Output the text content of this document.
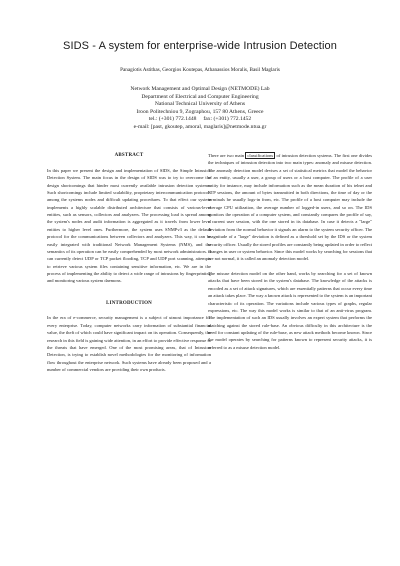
SIDS - A system for enterprise-wide Intrusion Detection
Panagiotis Astithas, Georgios Koutepas, Athanassios Moralis, Basil Maglaris
Network Management and Optimal Design (NETMODE) Lab
Department of Electrical and Computer Engineering
National Technical University of Athens
Iroon Politechniou 9, Zographou, 157 80 Athens, Greece
tel.: (+301) 772.1448     fax: (+301) 772.1452
e-mail: [past, gkoutep, amoral, maglaris]@netmode.ntua.gr
ABSTRACT

In this paper we present the design and implementation of SIDS, the Simple Intrusion Detection System. The main focus in the design of SIDS was to try to overcome the design shortcomings that hinder most currently available intrusion detection systems. Such shortcomings include limited scalability, proprietary intercommunication protocols among the systems nodes and difficult updating procedures. To that effect our system implements a highly scalable distributed architecture that consists of various-level entities, such as sensors, collectors and analyzers. The processing load is spread among the system's nodes and audit information is aggregated as it travels from lower level entities to higher level ones. Furthermore, the system uses SNMPv3 as the default protocol for the communications between collectors and analyzers. This way, it can be easily integrated with traditional Network Management Systems (NMS), and the semantics of its operation can be easily comprehended by most network administrators. It can currently detect UDP or TCP packet flooding, TCP and UDP port scanning, attempts to retrieve various system files containing sensitive information, etc. We are in the process of implementing the ability to detect a wide range of intrusions by fingerprinting and monitoring various system daemons.

I.INTRODUCTION

In the era of e-commerce, security management is a subject of utmost importance for every enterprise. Today, computer networks carry information of substantial financial value, the theft of which could have significant impact on its operation. Consequently, the research in this field is gaining wide attention, in an effort to provide effective response to the threats that have emerged. One of the most promising areas, that of Intrusion Detection, is trying to establish novel methodologies for the monitoring of information flow throughout the enterprise network. Such systems have already been proposed and a number of commercial vendors are providing their own products.

There are two main classifications of intrusion detection systems. The first one divides the techniques of intrusion detection into two main types: anomaly and misuse detection. The anomaly detection model devises a set of statistical metrics that model the behavior of an entity, usually a user, a group of users or a host computer. The profile of a user entity for instance, may include information such as the mean duration of his telnet and FTP sessions, the amount of bytes transmitted in both directions, the time of day or the terminals he usually logs-in from, etc. The profile of a host computer may include the average CPU utilization, the average number of logged-in users, and so on. The IDS monitors the operation of a computer system, and constantly compares the profile of say, a current user session, with the one stored in its database. In case it detects a "large" deviation from the normal behavior it signals an alarm to the system security officer. The magnitude of a "large" deviation is defined as a threshold set by the IDS or the system security officer. Usually the stored profiles are constantly being updated in order to reflect changes in user or system behavior. Since this model works by searching for sessions that are not normal, it is called an anomaly detection model.

The misuse detection model on the other hand, works by searching for a set of known attacks that have been stored in the system's database. The knowledge of the attacks is encoded as a set of attack signatures, which are essentially patterns that occur every time an attack takes place. The way a known attack is represented to the system is an important characteristic of its operation. The variations include various types of graphs, regular expressions, etc. The way this model works is similar to that of an anti-virus program. The implementation of such an IDS usually involves an expert system that performs the matching against the stored rule-base. An obvious difficulty in this architecture is the need for constant updating of the rule-base, as new attack methods become known. Since the model operates by searching for patterns known to represent security attacks, it is referred to as a misuse detection model.
